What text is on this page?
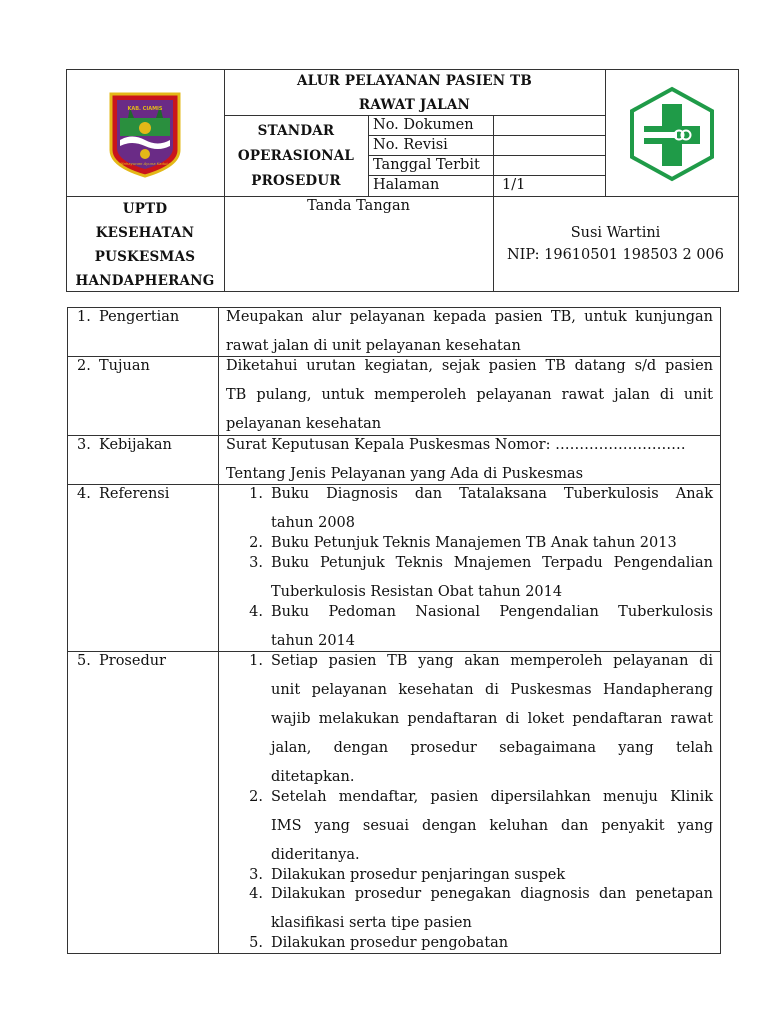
KAB. CIAMIS
Mahayunan Ayuna Kadulu
ALUR PELAYANAN PASIEN TB
RAWAT JALAN
STANDAR
OPERASIONAL
PROSEDUR
No. Dokumen
No. Revisi
Tanggal Terbit
Halaman	1/1
UPTD
KESEHATAN
PUSKESMAS
HANDAPHERANG
Tanda Tangan
Susi Wartini
NIP: 19610501 198503 2 006
1. Pengertian	Meupakan alur pelayanan kepada pasien TB, untuk kunjungan
rawat jalan di unit pelayanan kesehatan
2. Tujuan	Diketahui urutan kegiatan, sejak pasien TB datang s/d pasien
TB pulang, untuk memperoleh pelayanan rawat jalan di unit
pelayanan kesehatan
3. Kebijakan	Surat Keputusan Kepala Puskesmas Nomor: ………………………
Tentang Jenis Pelayanan yang Ada di Puskesmas
4. Referensi	1. Buku Diagnosis dan Tatalaksana Tuberkulosis Anak
tahun 2008
2. Buku Petunjuk Teknis Manajemen TB Anak tahun 2013
3. Buku Petunjuk Teknis Mnajemen Terpadu Pengendalian
Tuberkulosis Resistan Obat tahun 2014
4. Buku Pedoman Nasional Pengendalian Tuberkulosis
tahun 2014
5. Prosedur	1. Setiap pasien TB yang akan memperoleh pelayanan di
unit pelayanan kesehatan di Puskesmas Handapherang
wajib melakukan pendaftaran di loket pendaftaran rawat
jalan, dengan prosedur sebagaimana yang telah
ditetapkan.
2. Setelah mendaftar, pasien dipersilahkan menuju Klinik
IMS yang sesuai dengan keluhan dan penyakit yang
dideritanya.
3. Dilakukan prosedur penjaringan suspek
4. Dilakukan prosedur penegakan diagnosis dan penetapan
klasifikasi serta tipe pasien
5. Dilakukan prosedur pengobatan
